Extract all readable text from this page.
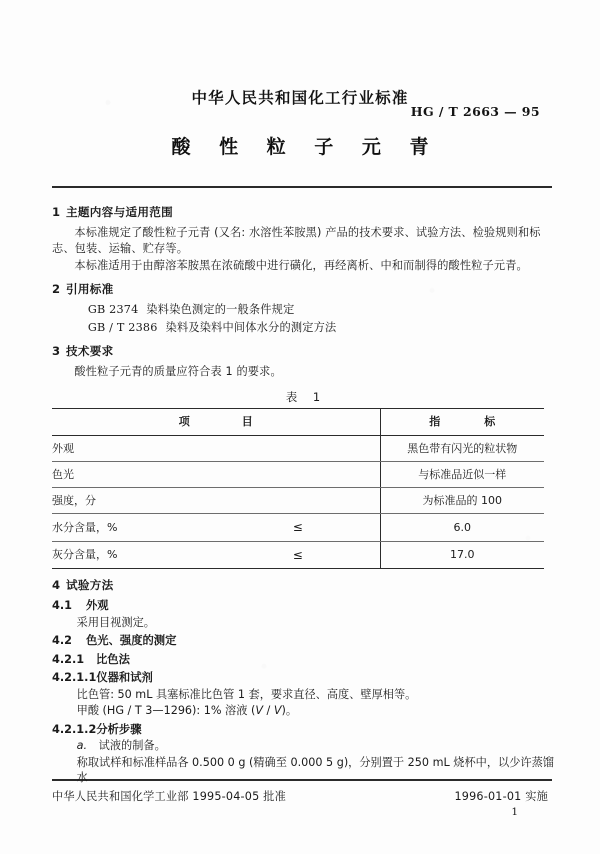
中华人民共和国化工行业标准
HG / T 2663 — 95
酸 性 粒 子 元 青
1 主题内容与适用范围

本标准规定了酸性粒子元青 (又名: 水溶性苯胺黑) 产品的技术要求、试验方法、检验规则和标

志、包装、运输、贮存等。

本标准适用于由醇溶苯胺黑在浓硫酸中进行磺化，再经离析、中和而制得的酸性粒子元青。

2 引用标准

GB 2374 染料染色测定的一般条件规定

GB / T 2386 染料及染料中间体水分的测定方法

3 技术要求

酸性粒子元青的质量应符合表 1 的要求。

表 1
项目		指标
外观		黑色带有闪光的粒状物
色光		与标准品近似一样
强度，分		为标准品的 100
水分含量，%	≤	6.0
灰分含量，%	≤	17.0
4 试验方法
4.1 外观

采用目视测定。

4.2 色光、强度的测定
4.2.1 比色法
4.2.1.1仪器和试剂

比色管: 50 mL 具塞标准比色管 1 套，要求直径、高度、壁厚相等。

甲酸 (HG / T 3—1296): 1% 溶液 (V / V)。

4.2.1.2分析步骤

a. 试液的制备。

称取试样和标准样品各 0.500 0 g (精确至 0.000 5 g)，分别置于 250 mL 烧杯中，以少许蒸馏水

中华人民共和国化学工业部 1995-04-05 批准	1996-01-01 实施
1
